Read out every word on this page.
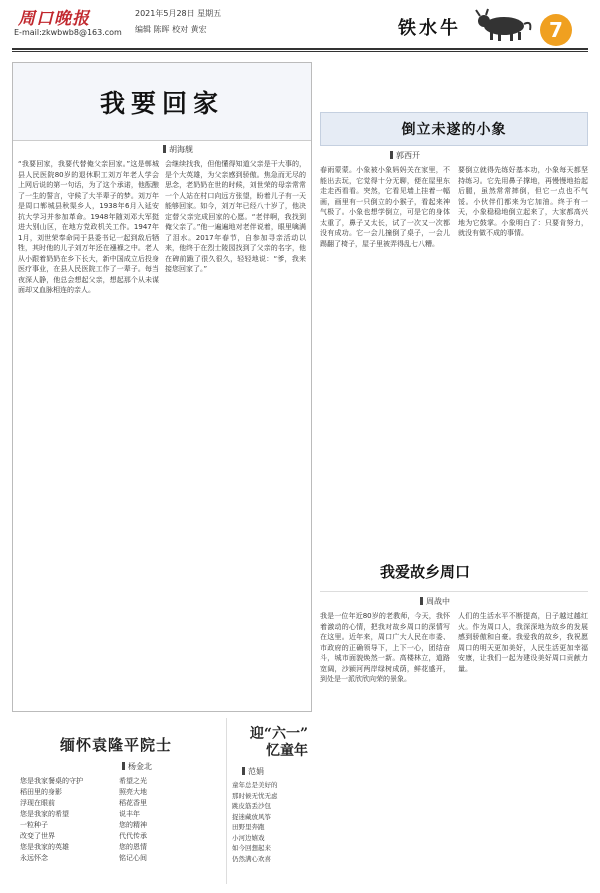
周口晚报
E-mail:zkwbwb8@163.com
2021年5月28日 星期五
编辑 陈晖 校对 黄宏	铁水牛	7
我要回家
胡海舰
“我要回家，我要代替俺父亲回家。”这是郸城县人民医院80岁的退休职工刘万年老人学会上网后说的第一句话，为了这个承诺，他酝酿了一生的誓言，守候了大半辈子的梦。刘万年是周口郸城县秋渠乡人，1938年6月入延安抗大学习并参加革命。1948年随刘邓大军挺进大别山区，在地方党政机关工作。1947年1月，刘世荣奉命同于县委书记一起到敌后牺牲，其时他的儿子刘万年还在襁褓之中。老人从小跟着奶奶在乡下长大，新中国成立后投身医疗事业，在县人民医院工作了一辈子。每当夜深人静，他总会想起父亲，想起那个从未谋面却又血脉相连的亲人。
会继续找我，但他懂得知道父亲是干大事的，是个大英雄，为父亲感到骄傲。焦急而无尽的思念，老奶奶在世的时候，刘世荣的母亲常常一个人站在村口向远方张望，盼着儿子有一天能够回家。如今，刘万年已经八十岁了，他决定替父亲完成回家的心愿。“老伴啊，我找到俺父亲了。”他一遍遍地对老伴说着，眼里噙满了泪水。2017年春节，自参加寻亲活动以来，他终于在烈士陵园找到了父亲的名字，他在碑前跪了很久很久，轻轻地说：“爹，我来接您回家了。”
倒立未遂的小象
郭西开
春雨蒙蒙。小象被小象妈妈关在家里，不能出去玩，它觉得十分无聊，便在屋里东走走西看看。突然，它看见墙上挂着一幅画，画里有一只倒立的小猴子，看起来神气极了。小象也想学倒立，可是它的身体太重了，鼻子又太长，试了一次又一次都没有成功。它一会儿撞倒了桌子，一会儿踢翻了椅子，屋子里被弄得乱七八糟。
要倒立就得先练好基本功，小象每天都坚持练习。它先用鼻子撑地，再慢慢地抬起后腿，虽然常常摔倒，但它一点也不气馁。小伙伴们都来为它加油。终于有一天，小象稳稳地倒立起来了，大家都高兴地为它鼓掌。小象明白了：只要肯努力，就没有做不成的事情。
我爱故乡周口
周战中
我是一位年近80岁的老教师，今天，我怀着激动的心情，把我对故乡周口的深情写在这里。近年来，周口广大人民在市委、市政府的正确领导下，上下一心，团结奋斗，城市面貌焕然一新。高楼林立，道路宽阔，沙颍河两岸绿树成荫，鲜花盛开，到处是一派欣欣向荣的景象。
人们的生活水平不断提高，日子越过越红火。作为周口人，我深深地为故乡的发展感到骄傲和自豪。我爱我的故乡，我祝愿周口的明天更加美好，人民生活更加幸福安康，让我们一起为建设美好周口贡献力量。
缅怀袁隆平院士
杨金北
您是我家餐桌的守护
稻田里的身影
浮现在眼前
您是我家的希望
一粒种子
改变了世界
您是我家的英雄
永远怀念
希望之光
照亮大地
稻花香里
说丰年
您的精神
代代传承
您的恩情
铭记心间
迎“六一” 忆童年
范娟
童年总是美好的
那时候无忧无虑
跳皮筋丢沙包
捉迷藏放风筝
田野里奔跑
小河边嬉戏
如今回想起来
仍然满心欢喜
